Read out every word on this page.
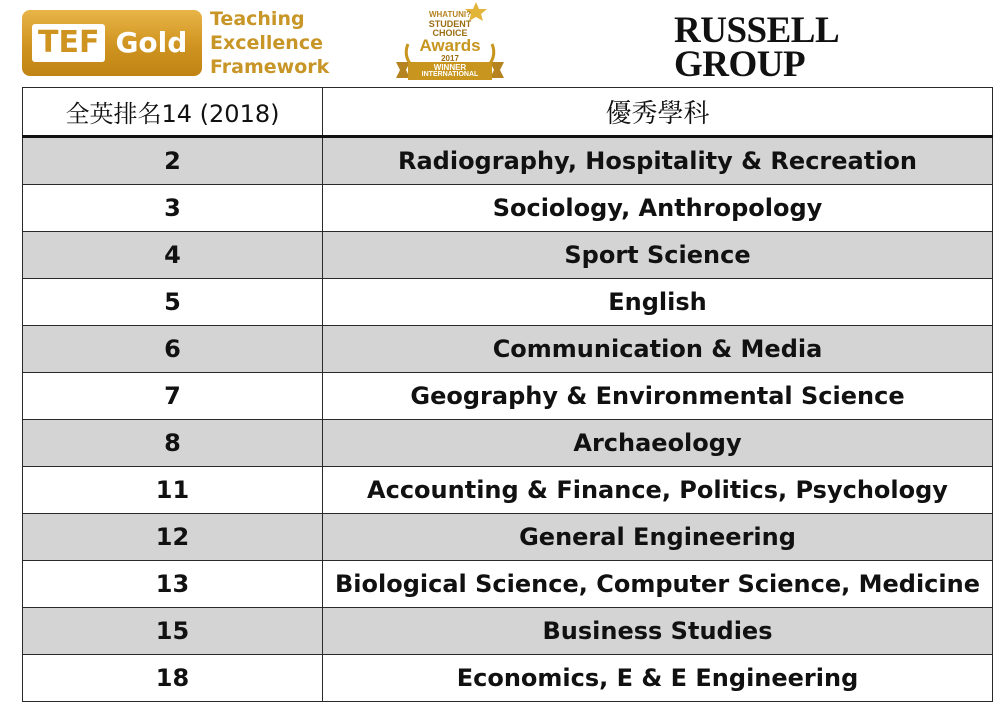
TEF Gold
Teaching
Excellence
Framework
WHATUNI?
STUDENT
CHOICE
Awards
2017
WINNER
INTERNATIONAL
RUSSELL
GROUP
全英排名14 (2018)	優秀學科
2	Radiography, Hospitality & Recreation
3	Sociology, Anthropology
4	Sport Science
5	English
6	Communication & Media
7	Geography & Environmental Science
8	Archaeology
11	Accounting & Finance, Politics, Psychology
12	General Engineering
13	Biological Science, Computer Science, Medicine
15	Business Studies
18	Economics, E & E Engineering
